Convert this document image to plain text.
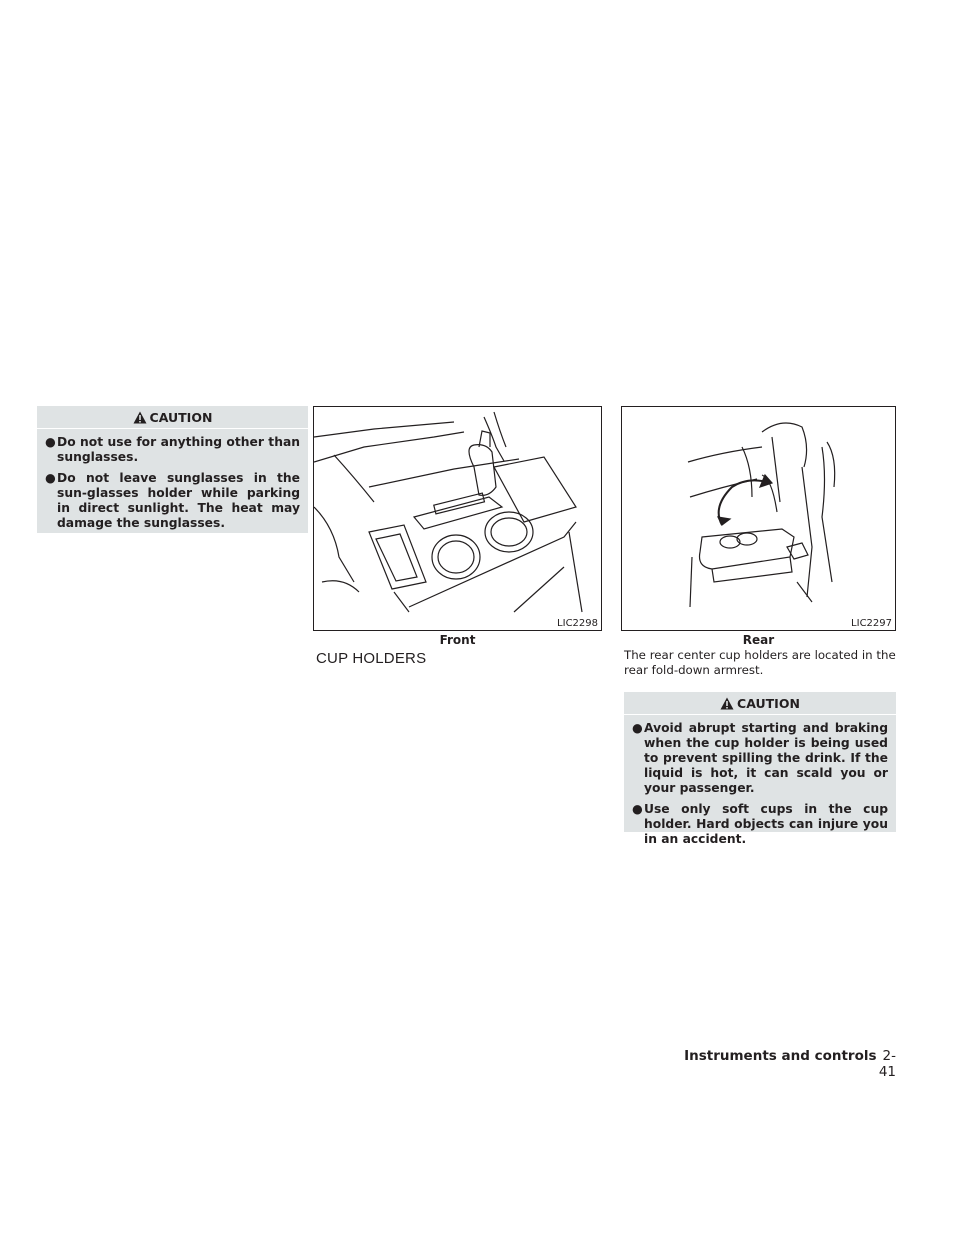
CAUTION
● Do not use for anything other than sunglasses.
● Do not leave sunglasses in the sun-glasses holder while parking in direct sunlight. The heat may damage the sunglasses.
LIC2298
Front
LIC2297
Rear
CUP HOLDERS	The rear center cup holders are located in the rear fold-down armrest.
CAUTION
● Avoid abrupt starting and braking when the cup holder is being used to prevent spilling the drink. If the liquid is hot, it can scald you or your passenger.
● Use only soft cups in the cup holder. Hard objects can injure you in an accident.
Instruments and controls 2-41
